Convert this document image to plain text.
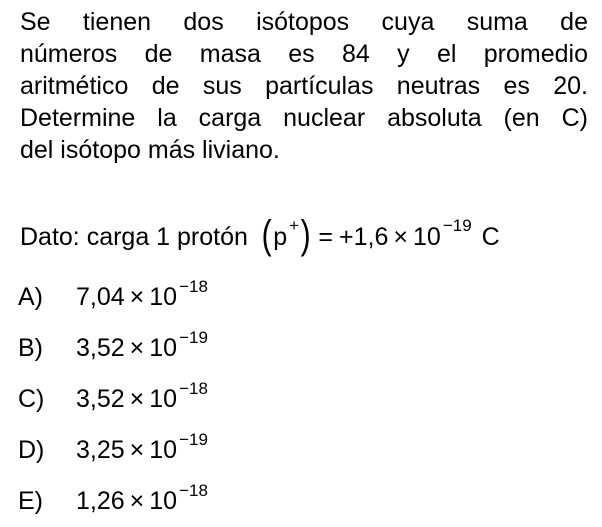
Se tienen dos isótopos cuya suma de
números de masa es 84 y el promedio
aritmético de sus partículas neutras es 20.
Determine la carga nuclear absoluta (en C)
del isótopo más liviano.
Dato: carga 1 protón ( p + ) = +1,6 × 10 −19 C
A)	7,04 × 10 −18
B)	3,52 × 10 −19
C)	3,52 × 10 −18
D)	3,25 × 10 −19
E)	1,26 × 10 −18
